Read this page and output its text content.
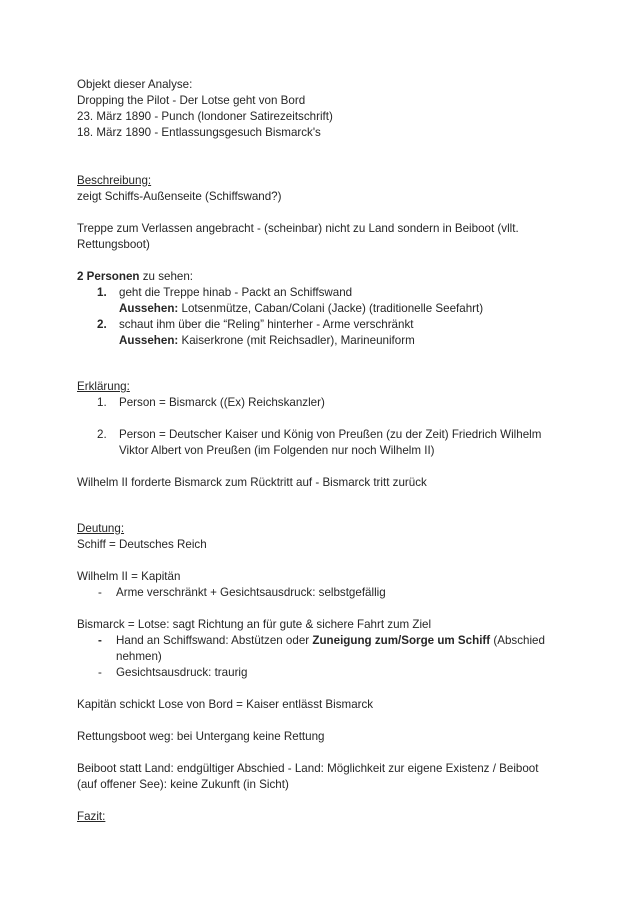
Objekt dieser Analyse:
Dropping the Pilot - Der Lotse geht von Bord
23. März 1890 - Punch (londoner Satirezeitschrift)
18. März 1890 - Entlassungsgesuch Bismarck's
Beschreibung:
zeigt Schiffs-Außenseite (Schiffswand?)
Treppe zum Verlassen angebracht - (scheinbar) nicht zu Land sondern in Beiboot (vllt.
Rettungsboot)
2 Personen zu sehen:
1. geht die Treppe hinab - Packt an Schiffswand
Aussehen: Lotsenmütze, Caban/Colani (Jacke) (traditionelle Seefahrt)
2. schaut ihm über die “Reling” hinterher - Arme verschränkt
Aussehen: Kaiserkrone (mit Reichsadler), Marineuniform
Erklärung:
1. Person = Bismarck ((Ex) Reichskanzler)
2. Person = Deutscher Kaiser und König von Preußen (zu der Zeit) Friedrich Wilhelm
Viktor Albert von Preußen (im Folgenden nur noch Wilhelm II)
Wilhelm II forderte Bismarck zum Rücktritt auf - Bismarck tritt zurück
Deutung:
Schiff = Deutsches Reich
Wilhelm II = Kapitän
- Arme verschränkt + Gesichtsausdruck: selbstgefällig
Bismarck = Lotse: sagt Richtung an für gute & sichere Fahrt zum Ziel
- Hand an Schiffswand: Abstützen oder Zuneigung zum/Sorge um Schiff (Abschied
nehmen)
- Gesichtsausdruck: traurig
Kapitän schickt Lose von Bord = Kaiser entlässt Bismarck
Rettungsboot weg: bei Untergang keine Rettung
Beiboot statt Land: endgültiger Abschied - Land: Möglichkeit zur eigene Existenz / Beiboot
(auf offener See): keine Zukunft (in Sicht)
Fazit:
